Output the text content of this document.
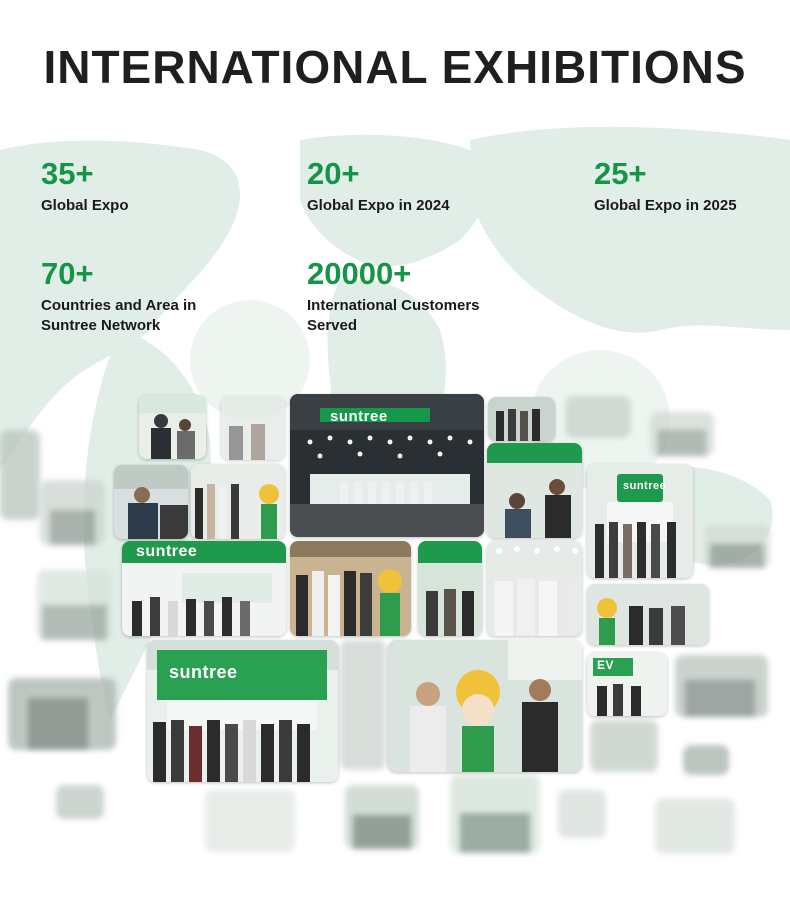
INTERNATIONAL EXHIBITIONS
35+
Global Expo
20+
Global Expo in 2024
25+
Global Expo in 2025
70+
Countries and Area in
Suntree Network
20000+
International Customers
Served
suntree
suntree
suntree
suntree	EV
